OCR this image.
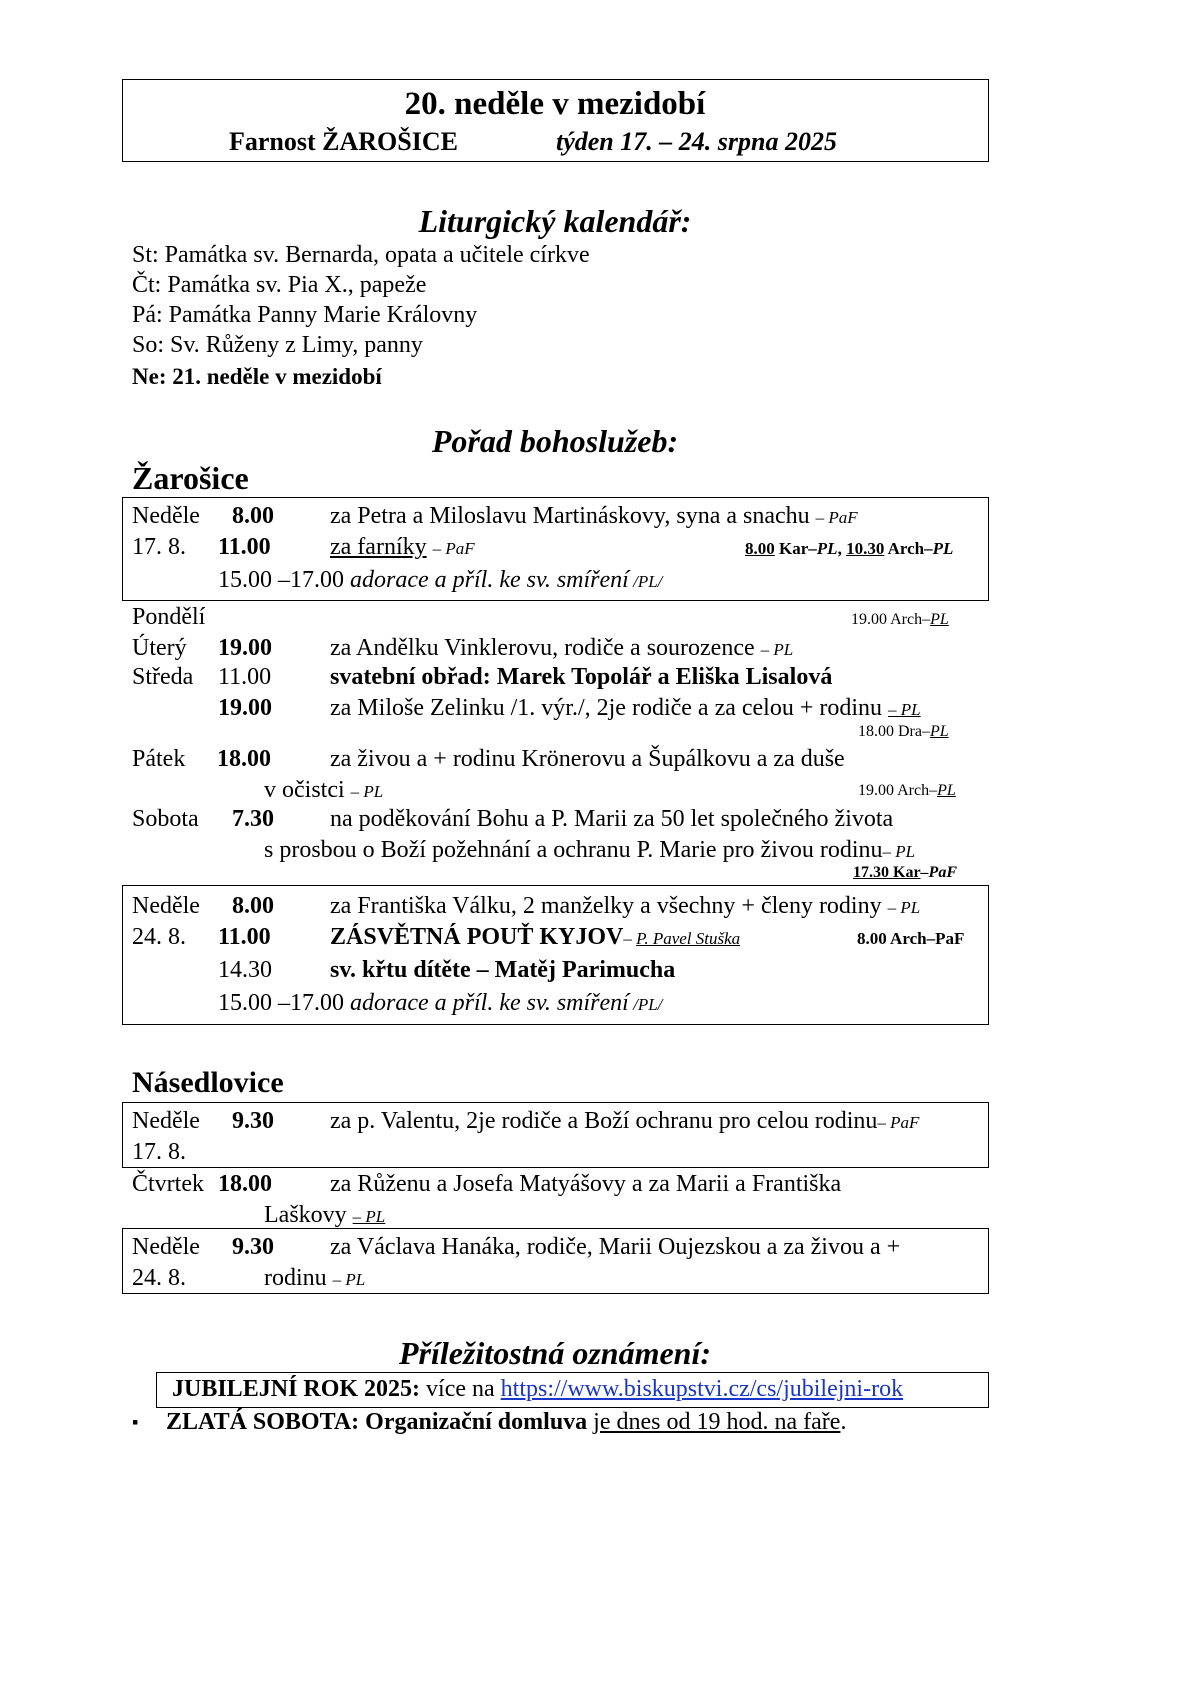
20. neděle v mezidobí
Farnost ŽAROŠICE	týden 17. – 24. srpna 2025
Liturgický kalendář:
St: Památka sv. Bernarda, opata a učitele církve
Čt: Památka sv. Pia X., papeže
Pá: Památka Panny Marie Královny
So: Sv. Růženy z Limy, panny
Ne: 21. neděle v mezidobí
Pořad bohoslužeb:
Žarošice
Neděle 8.00 za Petra a Miloslavu Martináskovy, syna a snachu – PaF
17. 8. 11.00 za farníky – PaF	8.00 Kar–PL, 10.30 Arch–PL
15.00 –17.00 adorace a příl. ke sv. smíření /PL/
Pondělí	19.00 Arch–PL
Úterý 19.00 za Andělku Vinklerovu, rodiče a sourozence – PL
Středa 11.00 svatební obřad: Marek Topolář a Eliška Lisalová
19.00 za Miloše Zelinku /1. výr./, 2je rodiče a za celou + rodinu – PL
18.00 Dra–PL
Pátek 18.00 za živou a + rodinu Krönerovu a Šupálkovu a za duše
v očistci – PL	19.00 Arch–PL
Sobota 7.30 na poděkování Bohu a P. Marii za 50 let společného života
s prosbou o Boží požehnání a ochranu P. Marie pro živou rodinu– PL
17.30 Kar–PaF
Neděle 8.00 za Františka Válku, 2 manželky a všechny + členy rodiny – PL
24. 8. 11.00 ZÁSVĚTNÁ POUŤ KYJOV– P. Pavel Stuška	8.00 Arch–PaF
14.30 sv. křtu dítěte – Matěj Parimucha
15.00 –17.00 adorace a příl. ke sv. smíření /PL/
Násedlovice
Neděle 9.30 za p. Valentu, 2je rodiče a Boží ochranu pro celou rodinu– PaF
17. 8.
Čtvrtek 18.00 za Růženu a Josefa Matyášovy a za Marii a Františka
Laškovy – PL
Neděle 9.30 za Václava Hanáka, rodiče, Marii Oujezskou a za živou a +
24. 8.	rodinu – PL
Příležitostná oznámení:
JUBILEJNÍ ROK 2025: více na https://www.biskupstvi.cz/cs/jubilejni-rok
▪ ZLATÁ SOBOTA: Organizační domluva je dnes od 19 hod. na faře.
